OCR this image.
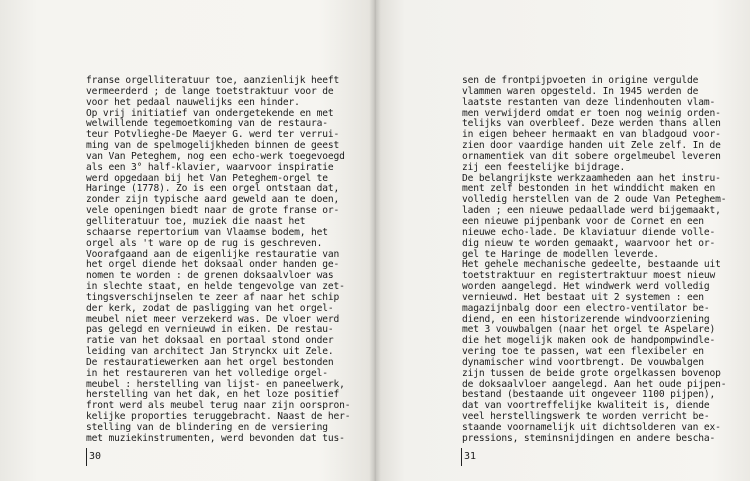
franse orgelliteratuur toe, aanzienlijk heeft
vermeerderd ; de lange toetstraktuur voor de
voor het pedaal nauwelijks een hinder.
Op vrij initiatief van ondergetekende en met
welwillende tegemoetkoming van de restaura-
teur Potvlieghe-De Maeyer G. werd ter verrui-
ming van de spelmogelijkheden binnen de geest
van Van Peteghem, nog een echo-werk toegevoegd
als een 3° half-klavier, waarvoor inspiratie
werd opgedaan bij het Van Peteghem-orgel te
Haringe (1778). Zo is een orgel ontstaan dat,
zonder zijn typische aard geweld aan te doen,
vele openingen biedt naar de grote franse or-
gelliteratuur toe, muziek die naast het
schaarse repertorium van Vlaamse bodem, het
orgel als 't ware op de rug is geschreven.
Voorafgaand aan de eigenlijke restauratie van
het orgel diende het doksaal onder handen ge-
nomen te worden : de grenen doksaalvloer was
in slechte staat, en helde tengevolge van zet-
tingsverschijnselen te zeer af naar het schip
der kerk, zodat de pasligging van het orgel-
meubel niet meer verzekerd was. De vloer werd
pas gelegd en vernieuwd in eiken. De restau-
ratie van het doksaal en portaal stond onder
leiding van architect Jan Strynckx uit Zele.
De restauratiewerken aan het orgel bestonden
in het restaureren van het volledige orgel-
meubel : herstelling van lijst- en paneelwerk,
herstelling van het dak, en het loze positief
front werd als meubel terug naar zijn oorspron-
kelijke proporties teruggebracht. Naast de her-
stelling van de blindering en de versiering
met muziekinstrumenten, werd bevonden dat tus-
30
sen de frontpijpvoeten in origine vergulde
vlammen waren opgesteld. In 1945 werden de
laatste restanten van deze lindenhouten vlam-
men verwijderd omdat er toen nog weinig orden-
telijks van overbleef. Deze werden thans allen
in eigen beheer hermaakt en van bladgoud voor-
zien door vaardige handen uit Zele zelf. In de
ornamentiek van dit sobere orgelmeubel leveren
zij een feestelijke bijdrage.
De belangrijkste werkzaamheden aan het instru-
ment zelf bestonden in het winddicht maken en
volledig herstellen van de 2 oude Van Peteghem-
laden ; een nieuwe pedaallade werd bijgemaakt,
een nieuwe pijpenbank voor de Cornet en een
nieuwe echo-lade. De klaviatuur diende volle-
dig nieuw te worden gemaakt, waarvoor het or-
gel te Haringe de modellen leverde.
Het gehele mechanische gedeelte, bestaande uit
toetstraktuur en registertraktuur moest nieuw
worden aangelegd. Het windwerk werd volledig
vernieuwd. Het bestaat uit 2 systemen : een
magazijnbalg door een electro-ventilator be-
diend, en een historizerende windvoorziening
met 3 vouwbalgen (naar het orgel te Aspelare)
die het mogelijk maken ook de handpompwindle-
vering toe te passen, wat een flexibeler en
dynamischer wind voortbrengt. De vouwbalgen
zijn tussen de beide grote orgelkassen bovenop
de doksaalvloer aangelegd. Aan het oude pijpen-
bestand (bestaande uit ongeveer 1100 pijpen),
dat van voortreffelijke kwaliteit is, diende
veel herstellingswerk te worden verricht be-
staande voornamelijk uit dichtsolderen van ex-
pressions, steminsnijdingen en andere bescha-
31
